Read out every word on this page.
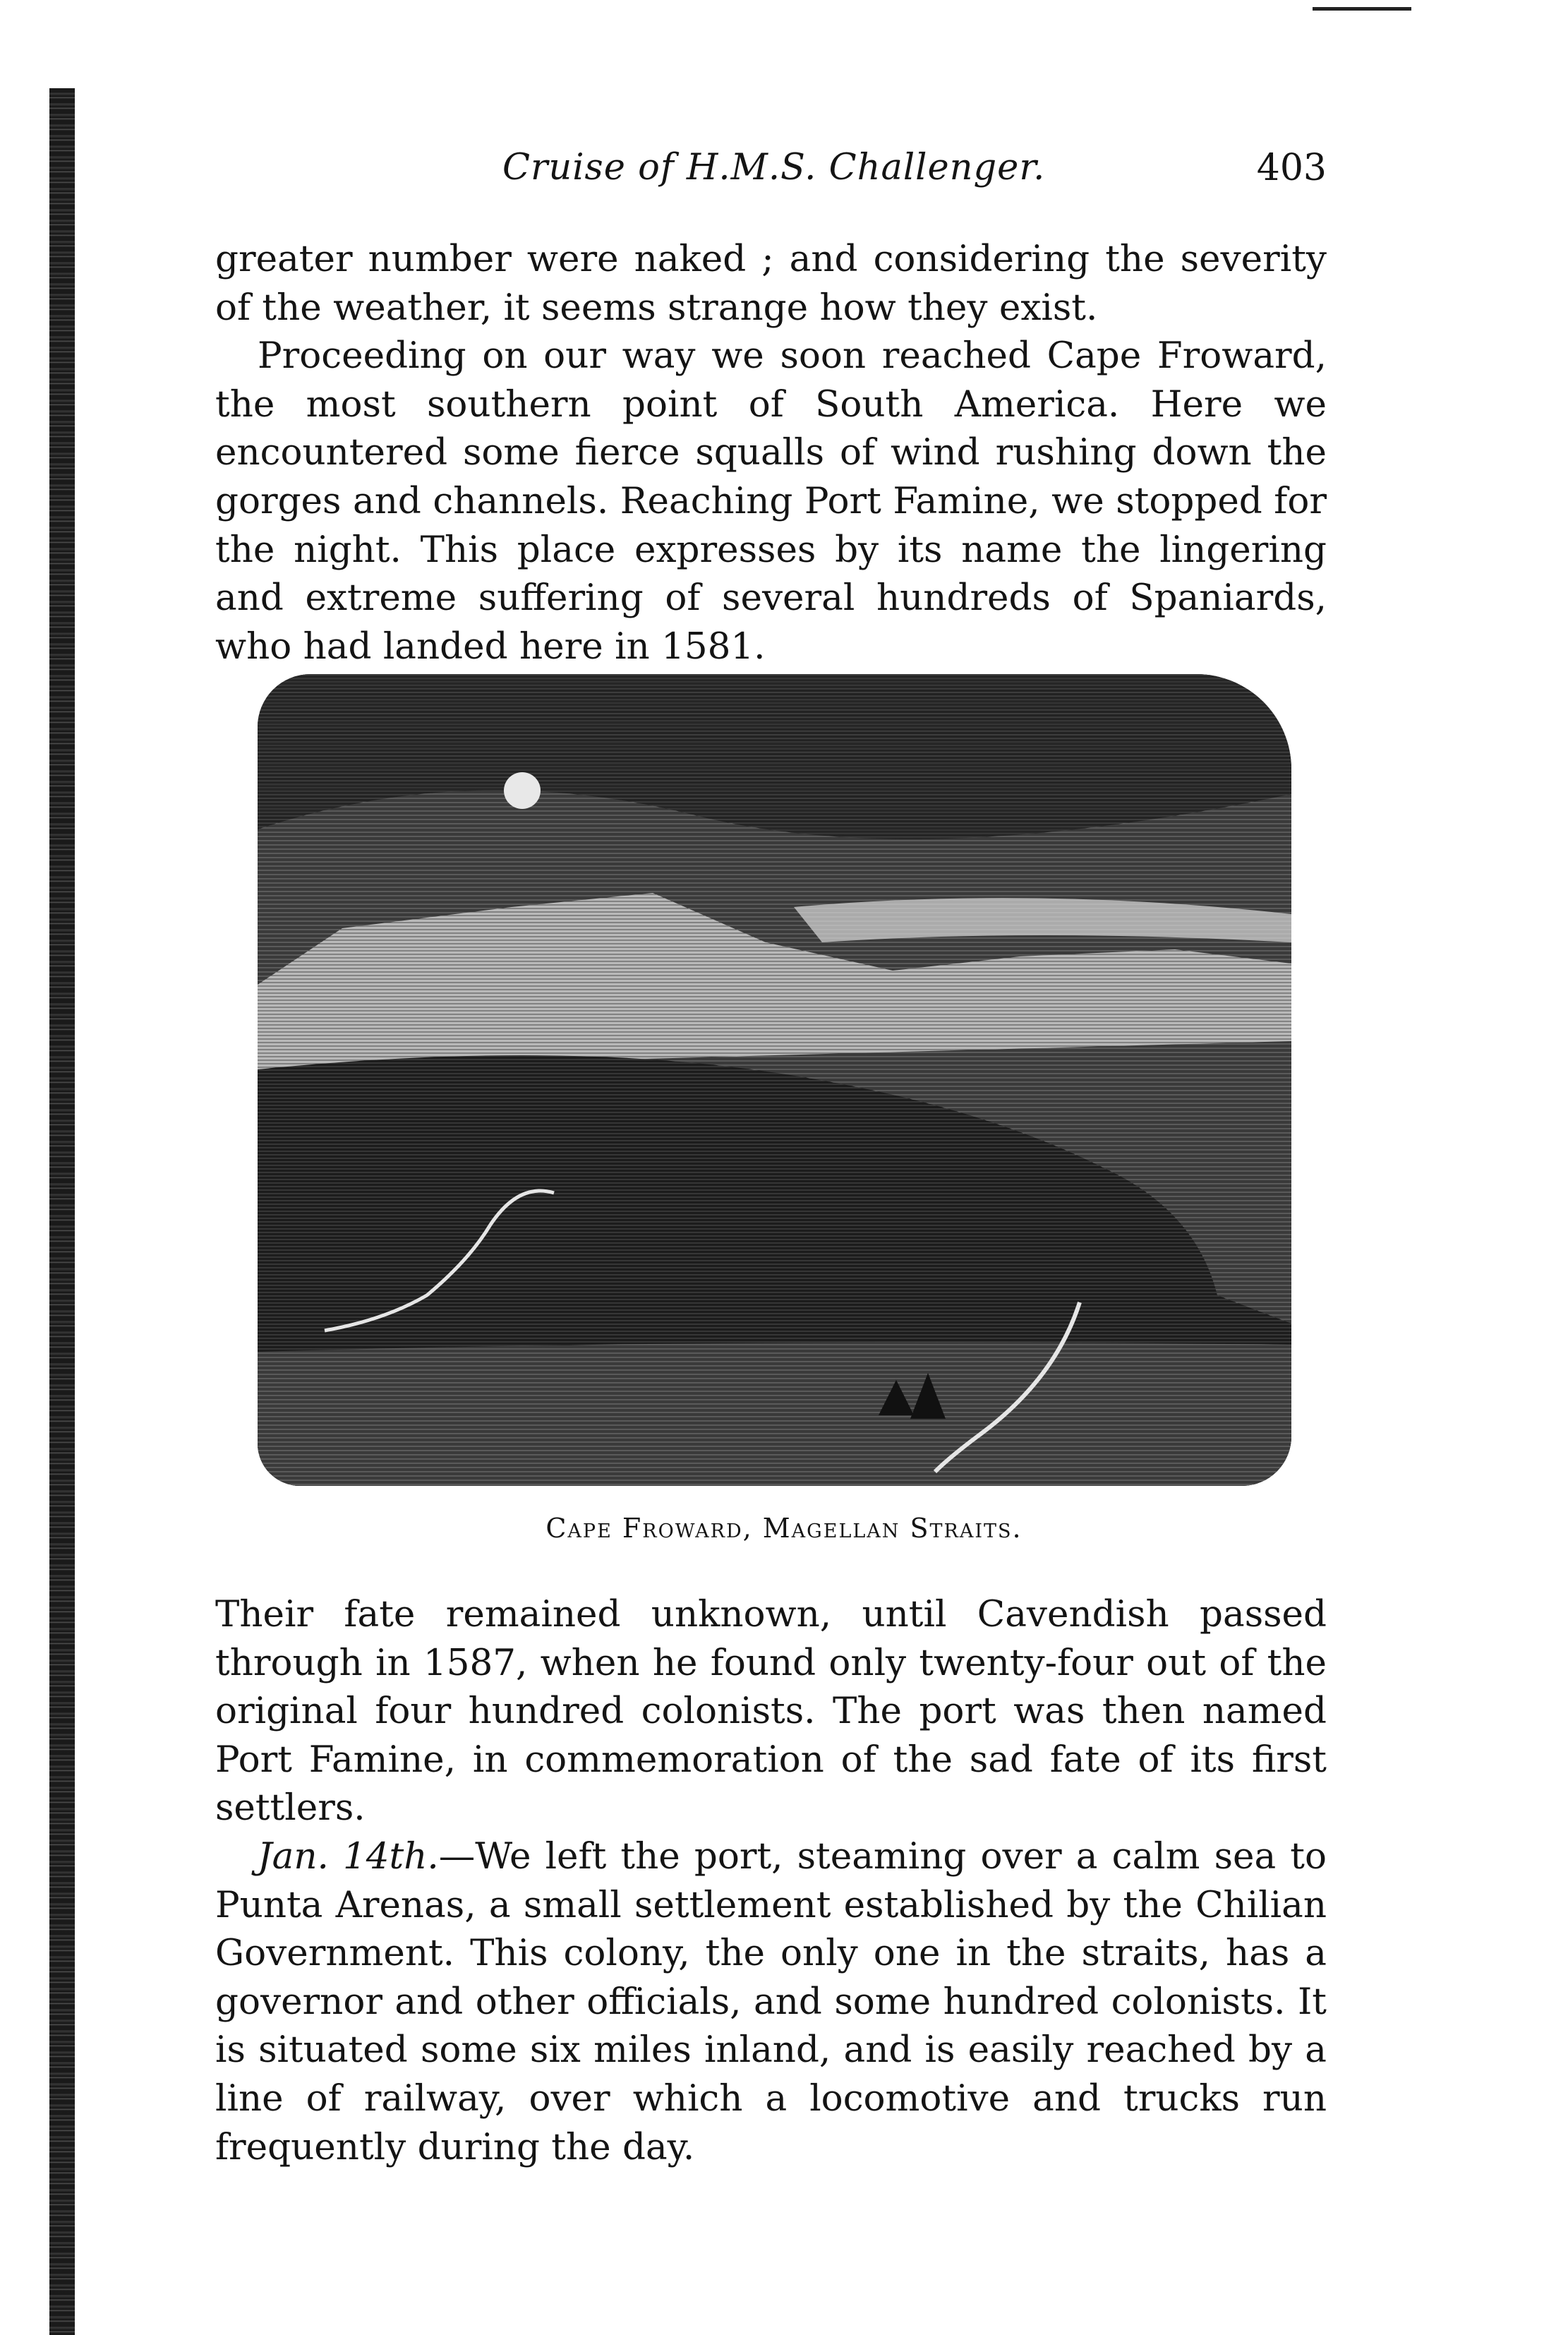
Cruise of H.M.S. Challenger.	403

greater number were naked ; and considering the severity of the weather, it seems strange how they exist.

Proceeding on our way we soon reached Cape Froward, the most southern point of South America. Here we encountered some fierce squalls of wind rushing down the gorges and channels. Reaching Port Famine, we stopped for the night. This place expresses by its name the lingering and extreme suffering of several hundreds of Spaniards, who had landed here in 1581.

Cape Froward, Magellan Straits.

Their fate remained unknown, until Cavendish passed through in 1587, when he found only twenty-four out of the original four hundred colonists. The port was then named Port Famine, in commemoration of the sad fate of its first settlers.

Jan. 14th.—We left the port, steaming over a calm sea to Punta Arenas, a small settlement established by the Chilian Government. This colony, the only one in the straits, has a governor and other officials, and some hundred colonists. It is situated some six miles inland, and is easily reached by a line of railway, over which a locomotive and trucks run frequently during the day.
